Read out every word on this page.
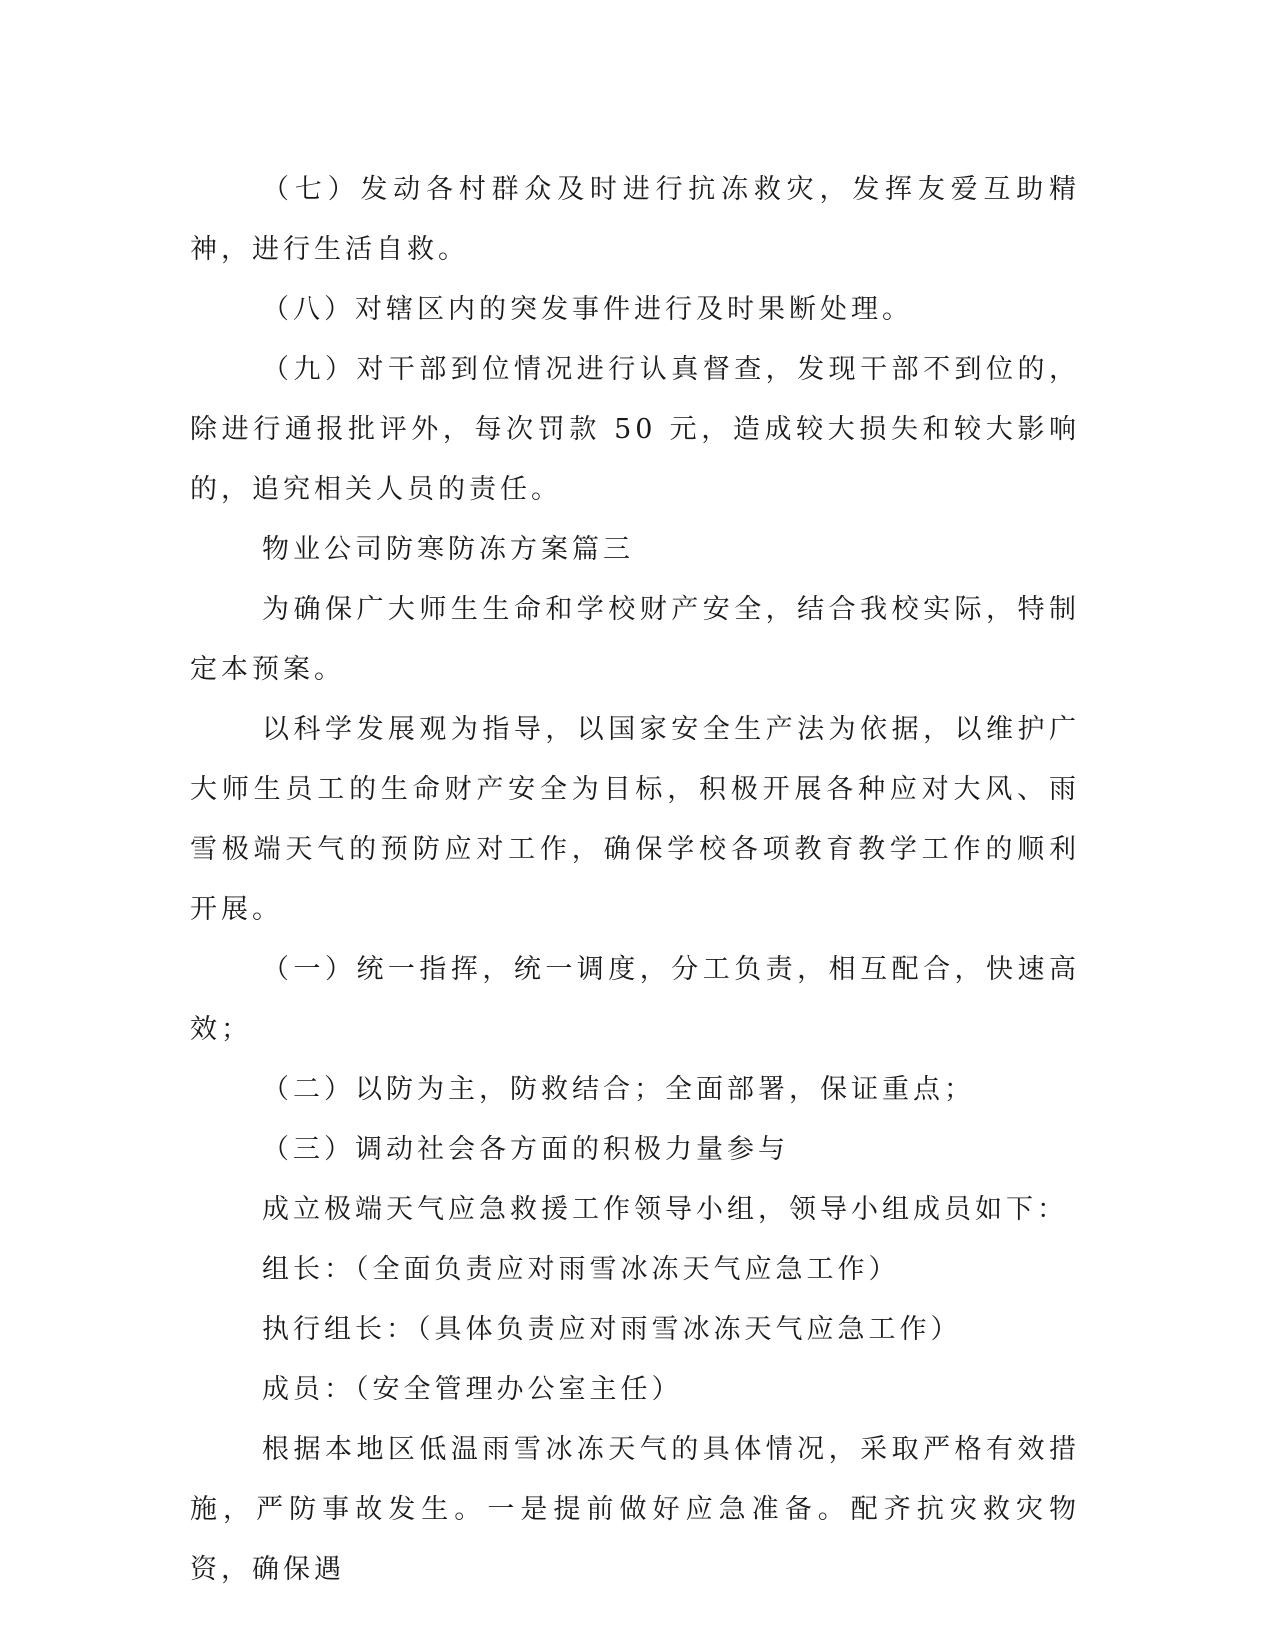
（七）发动各村群众及时进行抗冻救灾，发挥友爱互助精神，进行生活自救。

（八）对辖区内的突发事件进行及时果断处理。

（九）对干部到位情况进行认真督查，发现干部不到位的，除进行通报批评外，每次罚款 50 元，造成较大损失和较大影响的，追究相关人员的责任。

物业公司防寒防冻方案篇三

为确保广大师生生命和学校财产安全，结合我校实际，特制定本预案。

以科学发展观为指导，以国家安全生产法为依据，以维护广大师生员工的生命财产安全为目标，积极开展各种应对大风、雨雪极端天气的预防应对工作，确保学校各项教育教学工作的顺利开展。

（一）统一指挥，统一调度，分工负责，相互配合，快速高效；

（二）以防为主，防救结合；全面部署，保证重点；

（三）调动社会各方面的积极力量参与

成立极端天气应急救援工作领导小组，领导小组成员如下：

组长：（全面负责应对雨雪冰冻天气应急工作）

执行组长：（具体负责应对雨雪冰冻天气应急工作）

成员：（安全管理办公室主任）

根据本地区低温雨雪冰冻天气的具体情况，采取严格有效措施，严防事故发生。一是提前做好应急准备。配齐抗灾救灾物资，确保遇
